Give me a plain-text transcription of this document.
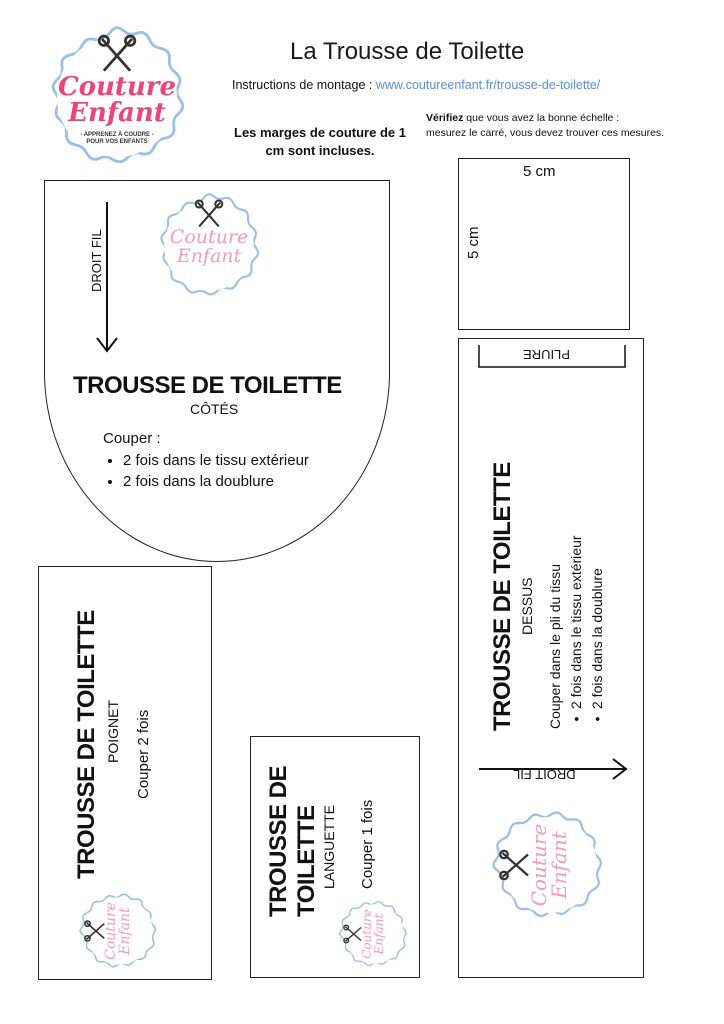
Couture
Enfant
- APPRENEZ À COUDRE -
POUR VOS ENFANTS
La Trousse de Toilette
Instructions de montage : www.coutureenfant.fr/trousse-de-toilette/
Les marges de couture de 1 cm sont incluses.
Vérifiez que vous avez la bonne échelle :
mesurez le carré, vous devez trouver ces mesures.
5 cm
5 cm
DROIT FIL	Couture
Enfant
TROUSSE DE TOILETTE
CÔTÉS
Couper :
• 2 fois dans le tissu extérieur
• 2 fois dans la doublure
PLIURE
TROUSSE DE TOILETTE DESSUS Couper dans le pli du tissu •2 fois dans le tissu extérieur
•2 fois dans la doublure
DROIT FIL
Couture
Enfant
TROUSSE DE TOILETTE POIGNET Couper 2 fois
Couture
Enfant
TROUSSE DE TOILETTE LANGUETTE Couper 1 fois
Couture
Enfant
